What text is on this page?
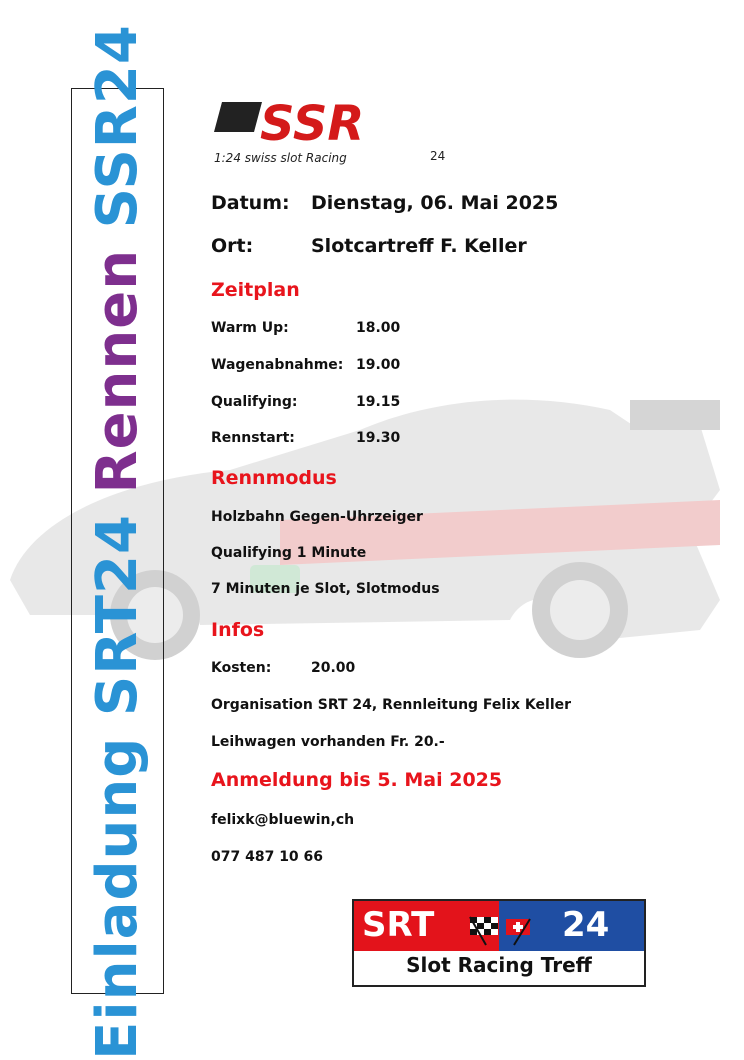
Einladung SRT24 Rennen SSR24 SSR
1:24 swiss slot Racing	24
Datum: Dienstag, 06. Mai 2025
Ort:	Slotcartreff F. Keller
Zeitplan
Warm Up:	18.00
Wagenabnahme: 19.00
Qualifying:	19.15
Rennstart:	19.30
Rennmodus
Holzbahn Gegen-Uhrzeiger
Qualifying 1 Minute
7 Minuten je Slot, Slotmodus
Infos
Kosten:	20.00
Organisation SRT 24, Rennleitung Felix Keller
Leihwagen vorhanden Fr. 20.-
Anmeldung bis 5. Mai 2025
felixk@bluewin,ch
077 487 10 66
SRT	24
Slot Racing Treff
